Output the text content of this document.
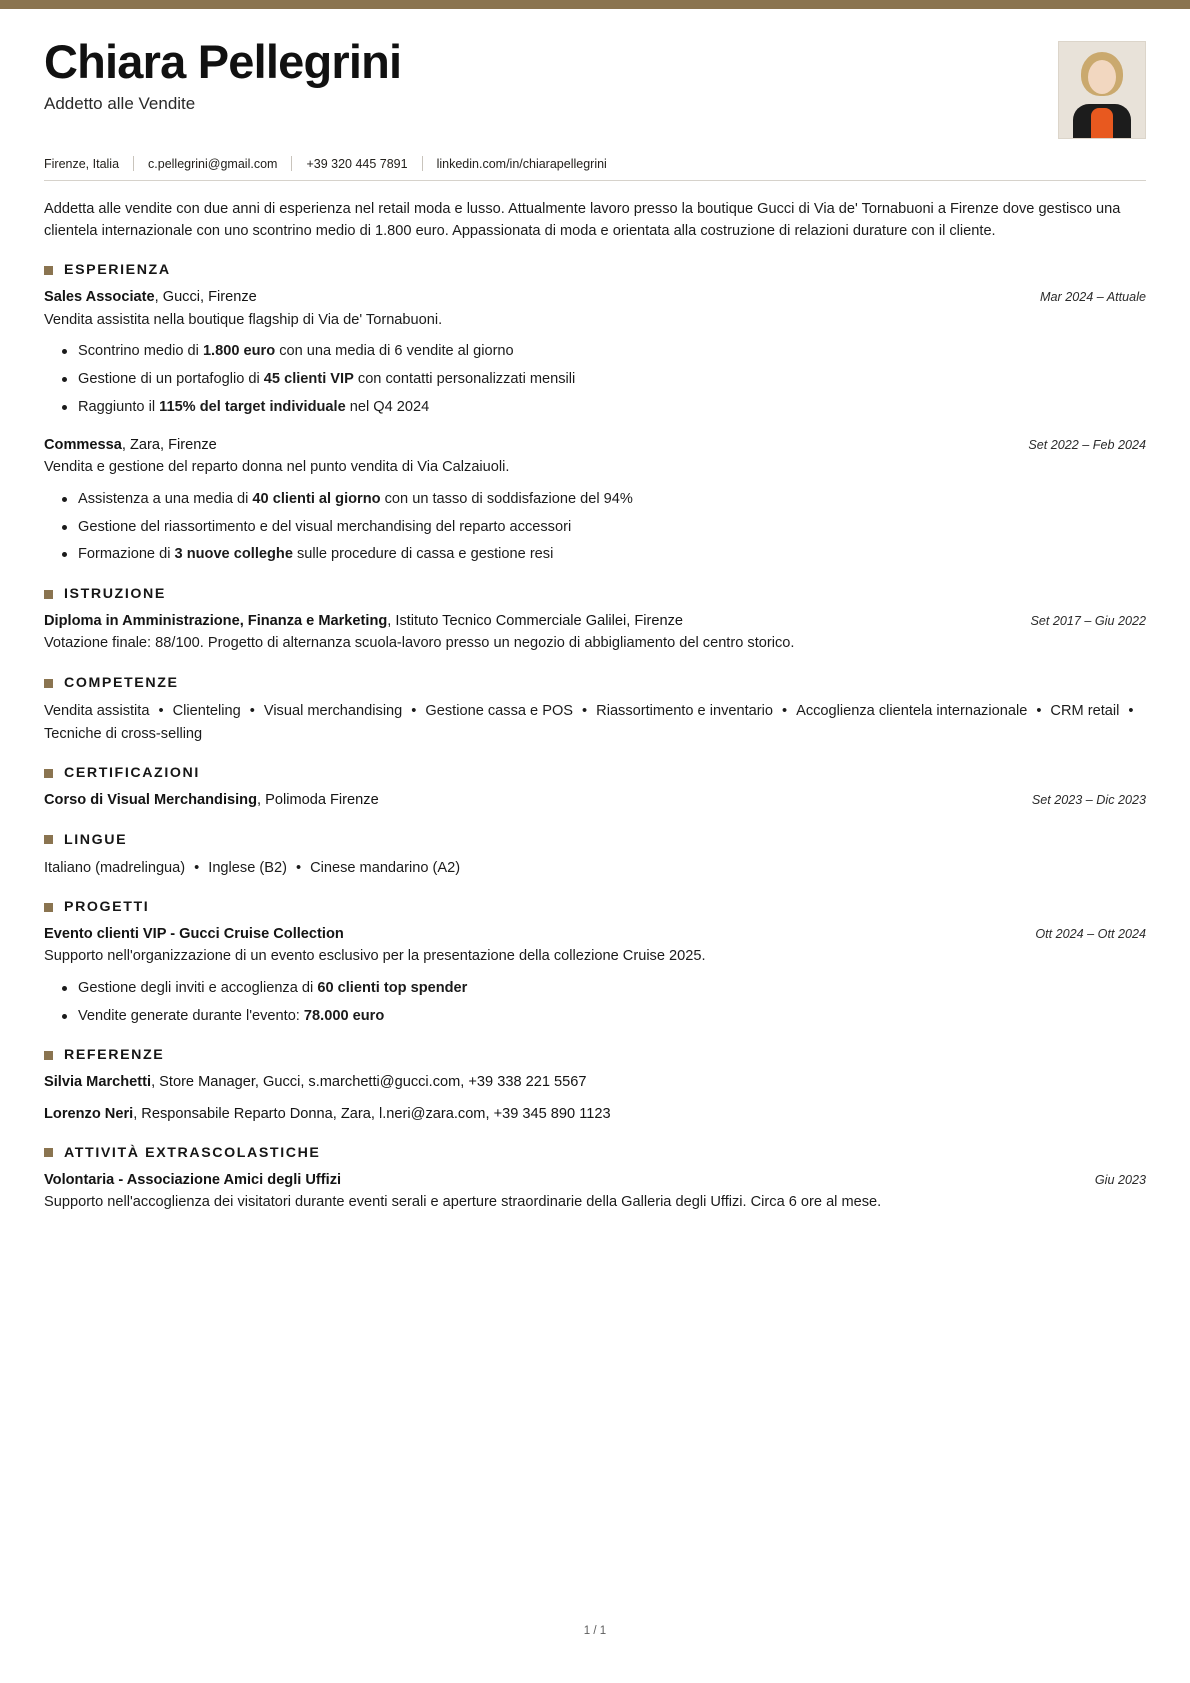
Chiara Pellegrini

Addetto alle Vendite

Firenze, Italia c.pellegrini@gmail.com +39 320 445 7891 linkedin.com/in/chiarapellegrini
Addetta alle vendite con due anni di esperienza nel retail moda e lusso. Attualmente lavoro presso la boutique Gucci di Via de' Tornabuoni a Firenze dove gestisco una clientela internazionale con uno scontrino medio di 1.800 euro. Appassionata di moda e orientata alla costruzione di relazioni durature con il cliente.
ESPERIENZA
Sales Associate, Gucci, Firenze	Mar 2024 – Attuale
Vendita assistita nella boutique flagship di Via de' Tornabuoni.
Scontrino medio di 1.800 euro con una media di 6 vendite al giorno
Gestione di un portafoglio di 45 clienti VIP con contatti personalizzati mensili
Raggiunto il 115% del target individuale nel Q4 2024
Commessa, Zara, Firenze	Set 2022 – Feb 2024
Vendita e gestione del reparto donna nel punto vendita di Via Calzaiuoli.
Assistenza a una media di 40 clienti al giorno con un tasso di soddisfazione del 94%
Gestione del riassortimento e del visual merchandising del reparto accessori
Formazione di 3 nuove colleghe sulle procedure di cassa e gestione resi
ISTRUZIONE
Diploma in Amministrazione, Finanza e Marketing, Istituto Tecnico Commerciale Galilei, Firenze	Set 2017 – Giu 2022
Votazione finale: 88/100. Progetto di alternanza scuola-lavoro presso un negozio di abbigliamento del centro storico.
COMPETENZE
Vendita assistita • Clienteling • Visual merchandising • Gestione cassa e POS • Riassortimento e inventario • Accoglienza clientela internazionale • CRM retail •Tecniche di cross-selling
CERTIFICAZIONI
Corso di Visual Merchandising, Polimoda Firenze	Set 2023 – Dic 2023
LINGUE
Italiano (madrelingua) • Inglese (B2) • Cinese mandarino (A2)
PROGETTI
Evento clienti VIP - Gucci Cruise Collection	Ott 2024 – Ott 2024
Supporto nell'organizzazione di un evento esclusivo per la presentazione della collezione Cruise 2025.
Gestione degli inviti e accoglienza di 60 clienti top spender
Vendite generate durante l'evento: 78.000 euro
REFERENZE
Silvia Marchetti, Store Manager, Gucci, s.marchetti@gucci.com, +39 338 221 5567
Lorenzo Neri, Responsabile Reparto Donna, Zara, l.neri@zara.com, +39 345 890 1123
ATTIVITÀ EXTRASCOLASTICHE
Volontaria - Associazione Amici degli Uffizi	Giu 2023
Supporto nell'accoglienza dei visitatori durante eventi serali e aperture straordinarie della Galleria degli Uffizi. Circa 6 ore al mese.
1 / 1
